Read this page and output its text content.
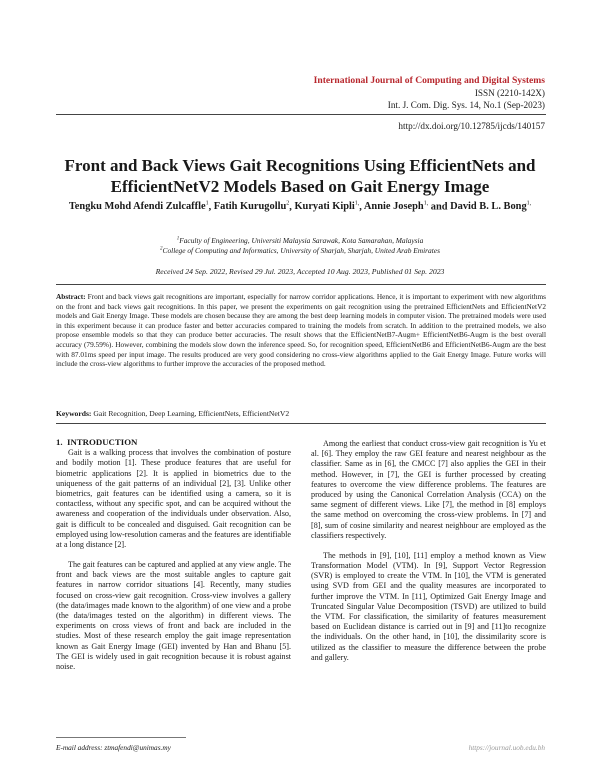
International Journal of Computing and Digital Systems
ISSN (2210-142X)
Int. J. Com. Dig. Sys. 14, No.1 (Sep-2023)
http://dx.doi.org/10.12785/ijcds/140157
Front and Back Views Gait Recognitions Using EfficientNets and EfficientNetV2 Models Based on Gait Energy Image
Tengku Mohd Afendi Zulcaffle$^1$, Fatih Kurugollu$^2$, Kuryati Kipli$^{1,}$, Annie Joseph$^{1,}$ and David B. L. Bong$^{1,}$
$^1$Faculty of Engineering, Universiti Malaysia Sarawak, Kota Samarahan, Malaysia
$^2$College of Computing and Informatics, University of Sharjah, Sharjah, United Arab Emirates
Received 24 Sep. 2022, Revised 29 Jul. 2023, Accepted 10 Aug. 2023, Published 01 Sep. 2023
Abstract: Front and back views gait recognitions are important, especially for narrow corridor applications. Hence, it is important to experiment with new algorithms on the front and back views gait recognitions. In this paper, we present the experiments on gait recognition using the pretrained EfficientNets and EfficientNetV2 models and Gait Energy Image. These models are chosen because they are among the best deep learning models in computer vision. The pretrained models were used in this experiment because it can produce faster and better accuracies compared to training the models from scratch. In addition to the pretrained models, we also propose ensemble models so that they can produce better accuracies. The result shows that the EfficientNetB7-Augm+ EfficientNetB6-Augm is the best overall accuracy (79.59%). However, combining the models slow down the inference speed. So, for recognition speed, EfficientNetB6 and EfficientNetB6-Augm are the best with 87.01ms speed per input image. The results produced are very good considering no cross-view algorithms applied to the Gait Energy Image. Future works will include the cross-view algorithms to further improve the accuracies of the proposed method.
Keywords: Gait Recognition, Deep Learning, EfficientNets, EfficientNetV2
1. INTRODUCTION

Gait is a walking process that involves the combination of posture and bodily motion [1]. These produce features that are useful for biometric applications [2]. It is applied in biometrics due to the uniqueness of the gait patterns of an individual [2], [3]. Unlike other biometrics, gait features can be identified using a camera, so it is contactless, without any specific spot, and can be acquired without the awareness and cooperation of the individuals under observation. Also, gait is difficult to be concealed and disguised. Gait recognition can be employed using low-resolution cameras and the features are identifiable at a long distance [2].

The gait features can be captured and applied at any view angle. The front and back views are the most suitable angles to capture gait features in narrow corridor situations [4]. Recently, many studies focused on cross-view gait recognition. Cross-view involves a gallery (the data/images made known to the algorithm) of one view and a probe (the data/images tested on the algorithm) in different views. The experiments on cross views of front and back are included in the studies. Most of these research employ the gait image representation known as Gait Energy Image (GEI) invented by Han and Bhanu [5]. The GEI is widely used in gait recognition because it is robust against noise.

Among the earliest that conduct cross-view gait recognition is Yu et al. [6]. They employ the raw GEI feature and nearest neighbour as the classifier. Same as in [6], the CMCC [7] also applies the GEI in their method. However, in [7], the GEI is further processed by creating features to overcome the view difference problems. The features are produced by using the Canonical Correlation Analysis (CCA) on the same segment of different views. Like [7], the method in [8] employs the same method on overcoming the cross-view problems. In [7] and [8], sum of cosine similarity and nearest neighbour are employed as the classifiers respectively.

The methods in [9], [10], [11] employ a method known as View Transformation Model (VTM). In [9], Support Vector Regression (SVR) is employed to create the VTM. In [10], the VTM is generated using SVD from GEI and the quality measures are incorporated to further improve the VTM. In [11], Optimized Gait Energy Image and Truncated Singular Value Decomposition (TSVD) are utilized to build the VTM. For classification, the similarity of features measurement based on Euclidean distance is carried out in [9] and [11]to recognize the individuals. On the other hand, in [10], the dissimilarity score is utilized as the classifier to measure the difference between the probe and gallery.

E-mail address: ztmafendi@unimas.my	https://journal.uob.edu.bh
